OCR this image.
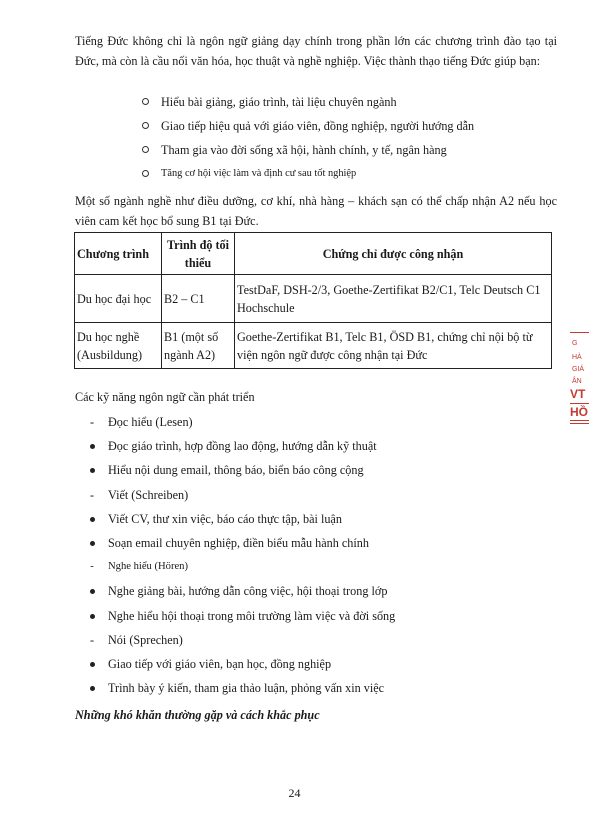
Tiếng Đức không chỉ là ngôn ngữ giảng dạy chính trong phần lớn các chương trình đào tạo tại Đức, mà còn là cầu nối văn hóa, học thuật và nghề nghiệp. Việc thành thạo tiếng Đức giúp bạn:

Hiểu bài giảng, giáo trình, tài liệu chuyên ngành
Giao tiếp hiệu quả với giáo viên, đồng nghiệp, người hướng dẫn
Tham gia vào đời sống xã hội, hành chính, y tế, ngân hàng
Tăng cơ hội việc làm và định cư sau tốt nghiệp

Một số ngành nghề như điều dưỡng, cơ khí, nhà hàng – khách sạn có thể chấp nhận A2 nếu học viên cam kết học bổ sung B1 tại Đức.

Chương trình	Trình độ tối thiểu	Chứng chỉ được công nhận
Du học đại học	B2 – C1	TestDaF, DSH-2/3, Goethe-Zertifikat B2/C1, Telc Deutsch C1 Hochschule
Du học nghề (Ausbildung)	B1 (một số ngành A2)	Goethe-Zertifikat B1, Telc B1, ÖSD B1, chứng chỉ nội bộ từ viện ngôn ngữ được công nhận tại Đức
Các kỹ năng ngôn ngữ cần phát triển
- Đọc hiểu (Lesen)
Đọc giáo trình, hợp đồng lao động, hướng dẫn kỹ thuật
Hiểu nội dung email, thông báo, biển báo công cộng
- Viết (Schreiben)
Viết CV, thư xin việc, báo cáo thực tập, bài luận
Soạn email chuyên nghiệp, điền biểu mẫu hành chính
- Nghe hiểu (Hören)
Nghe giảng bài, hướng dẫn công việc, hội thoại trong lớp
Nghe hiểu hội thoại trong môi trường làm việc và đời sống
- Nói (Sprechen)
Giao tiếp với giáo viên, bạn học, đồng nghiệp
Trình bày ý kiến, tham gia thảo luận, phỏng vấn xin việc
Những khó khăn thường gặp và cách khắc phục
24
G
HÀ
GIÁ
ÂN
VT
HỒ
